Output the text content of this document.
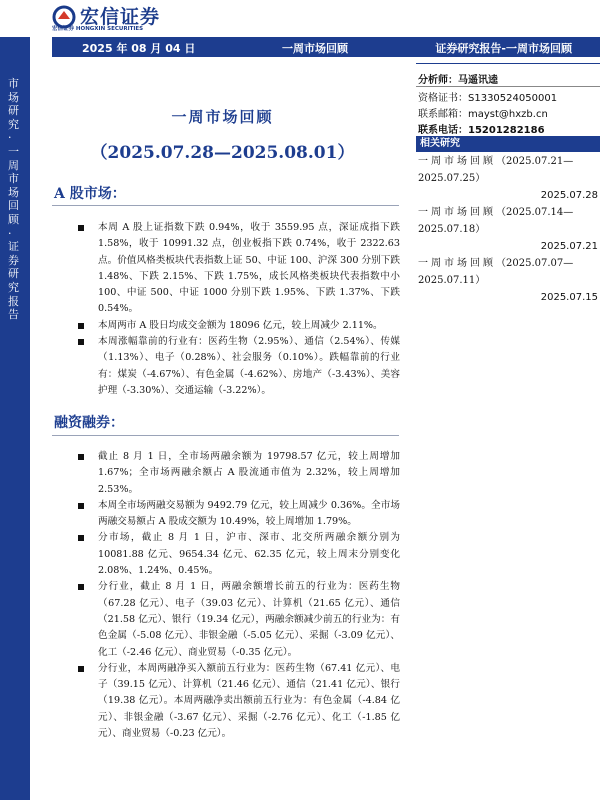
宏信证券
宏信证券 HONGXIN SECURITIES
2025 年 08 月 04 日	一周市场回顾	证券研究报告-一周市场回顾
市场研究·一周市场回顾·证券研究报告
一周市场回顾
（2025.07.28—2025.08.01）
A 股市场：
本周 A 股上证指数下跌 0.94%，收于 3559.95 点，深证成指下跌 1.58%，收于 10991.32 点，创业板指下跌 0.74%，收于 2322.63 点。价值风格类板块代表指数上证 50、中证 100、沪深 300 分别下跌 1.48%、下跌 2.15%、下跌 1.75%，成长风格类板块代表指数中小 100、中证 500、中证 1000 分别下跌 1.95%、下跌 1.37%、下跌 0.54%。
本周两市 A 股日均成交金额为 18096 亿元，较上周减少 2.11%。
本周涨幅靠前的行业有：医药生物（2.95%）、通信（2.54%）、传媒（1.13%）、电子（0.28%）、社会服务（0.10%）。跌幅靠前的行业有：煤炭（-4.67%）、有色金属（-4.62%）、房地产（-3.43%）、美容护理（-3.30%）、交通运输（-3.22%）。
融资融券：
截止 8 月 1 日，全市场两融余额为 19798.57 亿元，较上周增加 1.67%；全市场两融余额占 A 股流通市值为 2.32%，较上周增加 2.53%。
本周全市场两融交易额为 9492.79 亿元，较上周减少 0.36%。全市场两融交易额占 A 股成交额为 10.49%，较上周增加 1.79%。
分市场，截止 8 月 1 日，沪市、深市、北交所两融余额分别为 10081.88 亿元、9654.34 亿元、62.35 亿元，较上周末分别变化 2.08%、1.24%、0.45%。
分行业，截止 8 月 1 日，两融余额增长前五的行业为：医药生物（67.28 亿元）、电子（39.03 亿元）、计算机（21.65 亿元）、通信（21.58 亿元）、银行（19.34 亿元），两融余额减少前五的行业为：有色金属（-5.08 亿元）、非银金融（-5.05 亿元）、采掘（-3.09 亿元）、化工（-2.46 亿元）、商业贸易（-0.35 亿元）。
分行业，本周两融净买入额前五行业为：医药生物（67.41 亿元）、电子（39.15 亿元）、计算机（21.46 亿元）、通信（21.41 亿元）、银行（19.38 亿元）。本周两融净卖出额前五行业为：有色金属（-4.84 亿元）、非银金融（-3.67 亿元）、采掘（-2.76 亿元）、化工（-1.85 亿元）、商业贸易（-0.23 亿元）。
分析师：马遥讯逵
资格证书：S1330524050001
联系邮箱：mayst@hxzb.cn
联系电话：15201282186
相关研究
一周市场回顾（2025.07.21—2025.07.25）
2025.07.28
一周市场回顾（2025.07.14—2025.07.18）
2025.07.21
一周市场回顾（2025.07.07—2025.07.11）
2025.07.15
